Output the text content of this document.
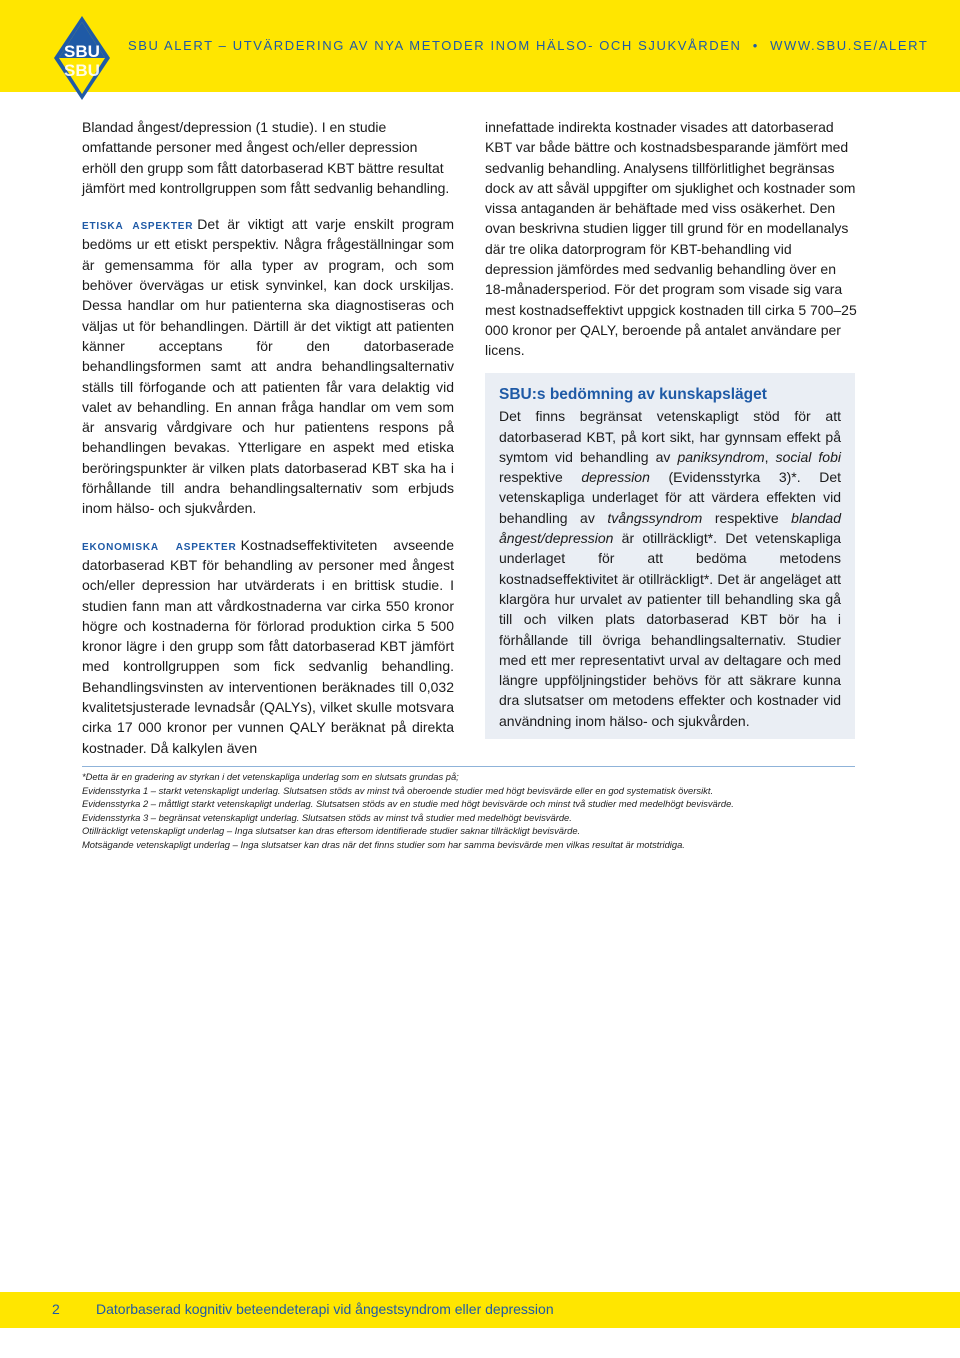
SBU
SBU
SBU ALERT – UTVÄRDERING AV NYA METODER INOM HÄLSO- OCH SJUKVÅRDEN • WWW.SBU.SE/ALERT

Blandad ångest/depression (1 studie). I en studie omfattande personer med ångest och/eller depression erhöll den grupp som fått datorbaserad KBT bättre resultat jämfört med kontrollgruppen som fått sedvanlig behandling.

etiska aspekter Det är viktigt att varje enskilt program bedöms ur ett etiskt perspektiv. Några frågeställningar som är gemensamma för alla typer av program, och som behöver övervägas ur etisk synvinkel, kan dock urskiljas. Dessa handlar om hur patienterna ska diagnostiseras och väljas ut för behandlingen. Därtill är det viktigt att patienten känner acceptans för den datorbaserade behandlingsformen samt att andra behandlingsalternativ ställs till förfogande och att patienten får vara delaktig vid valet av behandling. En annan fråga handlar om vem som är ansvarig vårdgivare och hur patientens respons på behandlingen bevakas. Ytterligare en aspekt med etiska beröringspunkter är vilken plats datorbaserad KBT ska ha i förhållande till andra behandlingsalternativ som erbjuds inom hälso- och sjukvården.

ekonomiska aspekter Kostnadseffektiviteten avseende datorbaserad KBT för behandling av personer med ångest och/eller depression har utvärderats i en brittisk studie. I studien fann man att vårdkostnaderna var cirka 550 kronor högre och kostnaderna för förlorad produktion cirka 5 500 kronor lägre i den grupp som fått datorbaserad KBT jämfört med kontrollgruppen som fick sedvanlig behandling. Behandlingsvinsten av interventionen beräknades till 0,032 kvalitetsjusterade levnadsår (QALYs), vilket skulle motsvara cirka 17 000 kronor per vunnen QALY beräknat på direkta kostnader. Då kalkylen även

innefattade indirekta kostnader visades att datorbaserad KBT var både bättre och kostnadsbesparande jämfört med sedvanlig behandling. Analysens tillförlitlighet begränsas dock av att såväl uppgifter om sjuklighet och kostnader som vissa antaganden är behäftade med viss osäkerhet. Den ovan beskrivna studien ligger till grund för en modellanalys där tre olika datorprogram för KBT-behandling vid depression jämfördes med sedvanlig behandling över en 18-månadersperiod. För det program som visade sig vara mest kostnadseffektivt uppgick kostnaden till cirka 5 700–25 000 kronor per QALY, beroende på antalet användare per licens.

SBU:s bedömning av kunskapsläget

Det finns begränsat vetenskapligt stöd för att datorbaserad KBT, på kort sikt, har gynnsam effekt på symtom vid behandling av paniksyndrom, social fobi respektive depression (Evidensstyrka 3)*. Det vetenskapliga underlaget för att värdera effekten vid behandling av tvångssyndrom respektive blandad ångest/depression är otillräckligt*. Det vetenskapliga underlaget för att bedöma metodens kostnadseffektivitet är otillräckligt*. Det är angeläget att klargöra hur urvalet av patienter till behandling ska gå till och vilken plats datorbaserad KBT bör ha i förhållande till övriga behandlingsalternativ. Studier med ett mer representativt urval av deltagare och med längre uppföljningstider behövs för att säkrare kunna dra slutsatser om metodens effekter och kostnader vid användning inom hälso- och sjukvården.

*Detta är en gradering av styrkan i det vetenskapliga underlag som en slutsats grundas på;

Evidensstyrka 1 – starkt vetenskapligt underlag. Slutsatsen stöds av minst två oberoende studier med högt bevisvärde eller en god systematisk översikt.

Evidensstyrka 2 – måttligt starkt vetenskapligt underlag. Slutsatsen stöds av en studie med högt bevisvärde och minst två studier med medelhögt bevisvärde.

Evidensstyrka 3 – begränsat vetenskapligt underlag. Slutsatsen stöds av minst två studier med medelhögt bevisvärde.

Otillräckligt vetenskapligt underlag – Inga slutsatser kan dras eftersom identifierade studier saknar tillräckligt bevisvärde.

Motsägande vetenskapligt underlag – Inga slutsatser kan dras när det finns studier som har samma bevisvärde men vilkas resultat är motstridiga.

2	Datorbaserad kognitiv beteendeterapi vid ångestsyndrom eller depression
